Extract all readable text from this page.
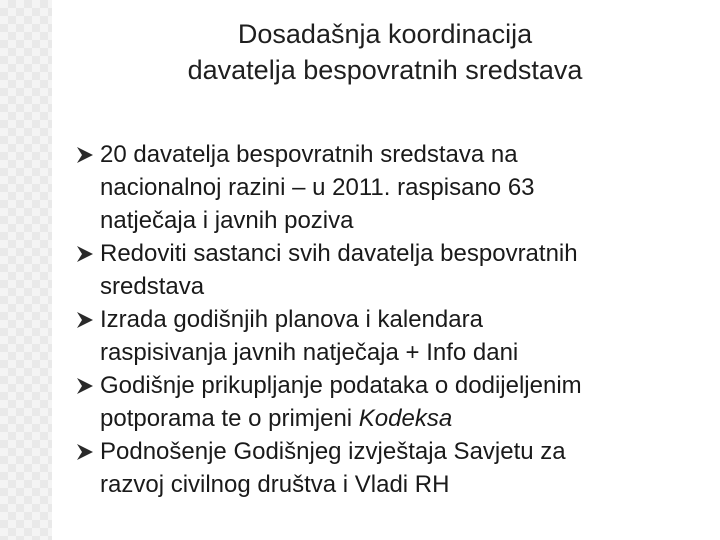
Dosadašnja koordinacija
davatelja bespovratnih sredstava
20 davatelja bespovratnih sredstava na
nacionalnoj razini – u 2011. raspisano 63
natječaja i javnih poziva
Redoviti sastanci svih davatelja bespovratnih
sredstava
Izrada godišnjih planova i kalendara
raspisivanja javnih natječaja + Info dani
Godišnje prikupljanje podataka o dodijeljenim
potporama te o primjeni Kodeksa
Podnošenje Godišnjeg izvještaja Savjetu za
razvoj civilnog društva i Vladi RH
